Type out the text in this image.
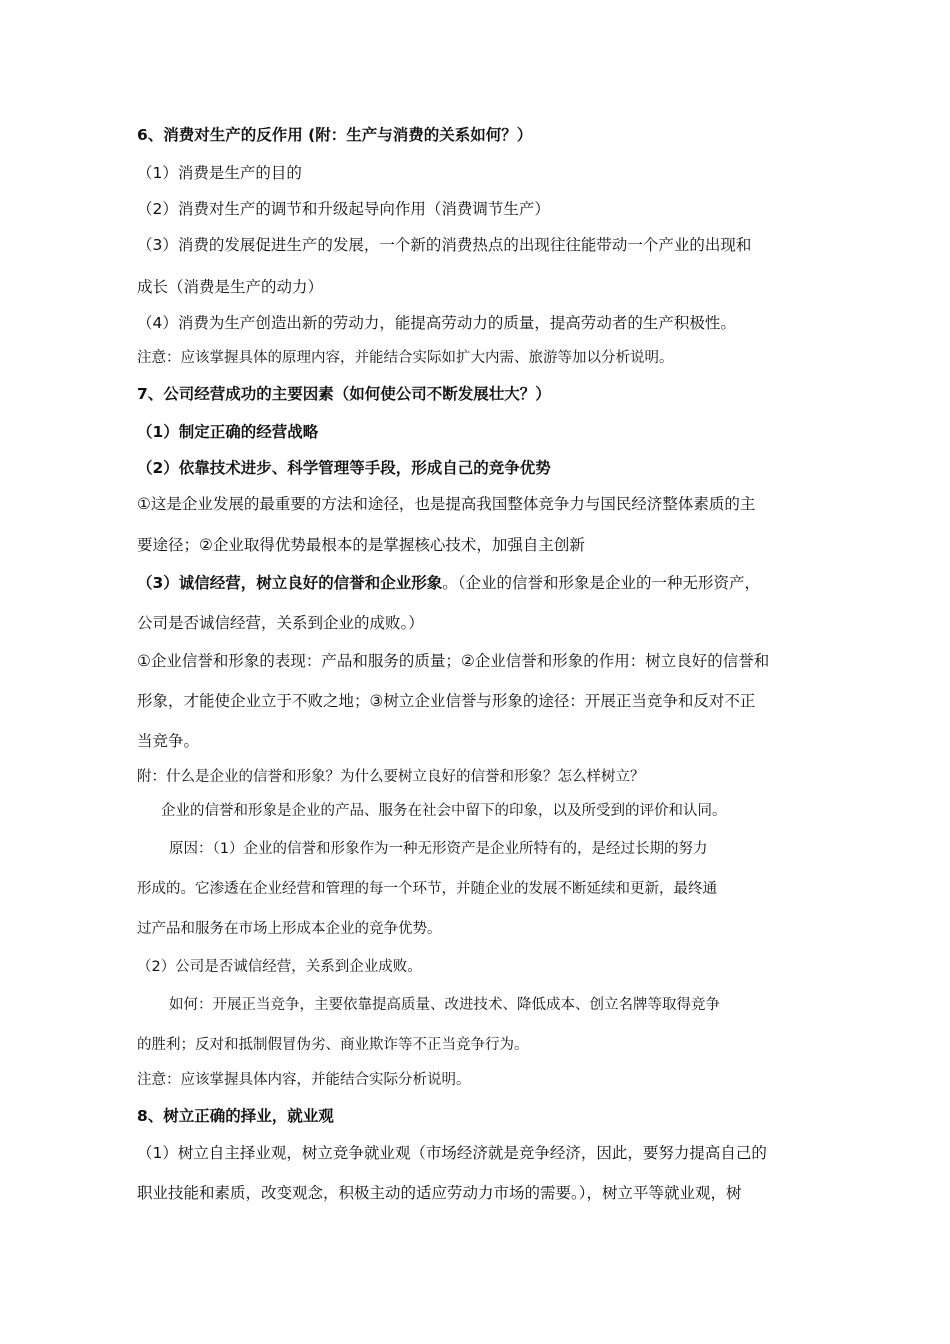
6、消费对生产的反作用 (附：生产与消费的关系如何？）
（1）消费是生产的目的
（2）消费对生产的调节和升级起导向作用（消费调节生产）
（3）消费的发展促进生产的发展，一个新的消费热点的出现往往能带动一个产业的出现和
成长（消费是生产的动力）
（4）消费为生产创造出新的劳动力，能提高劳动力的质量，提高劳动者的生产积极性。
注意：应该掌握具体的原理内容，并能结合实际如扩大内需、旅游等加以分析说明。
7、公司经营成功的主要因素（如何使公司不断发展壮大？）
（1）制定正确的经营战略
（2）依靠技术进步、科学管理等手段，形成自己的竞争优势
①这是企业发展的最重要的方法和途径，也是提高我国整体竞争力与国民经济整体素质的主
要途径；②企业取得优势最根本的是掌握核心技术，加强自主创新
（3）诚信经营，树立良好的信誉和企业形象。（企业的信誉和形象是企业的一种无形资产，
公司是否诚信经营，关系到企业的成败。）
①企业信誉和形象的表现：产品和服务的质量；②企业信誉和形象的作用：树立良好的信誉和
形象，才能使企业立于不败之地；③树立企业信誉与形象的途径：开展正当竞争和反对不正
当竞争。
附：什么是企业的信誉和形象？为什么要树立良好的信誉和形象？怎么样树立？
企业的信誉和形象是企业的产品、服务在社会中留下的印象，以及所受到的评价和认同。
原因：（1）企业的信誉和形象作为一种无形资产是企业所特有的，是经过长期的努力
形成的。它渗透在企业经营和管理的每一个环节，并随企业的发展不断延续和更新，最终通
过产品和服务在市场上形成本企业的竞争优势。
（2）公司是否诚信经营，关系到企业成败。
如何：开展正当竞争，主要依靠提高质量、改进技术、降低成本、创立名牌等取得竞争
的胜利；反对和抵制假冒伪劣、商业欺诈等不正当竞争行为。
注意：应该掌握具体内容，并能结合实际分析说明。
8、树立正确的择业，就业观
（1）树立自主择业观，树立竞争就业观（市场经济就是竞争经济，因此，要努力提高自己的
职业技能和素质，改变观念，积极主动的适应劳动力市场的需要。），树立平等就业观，树
